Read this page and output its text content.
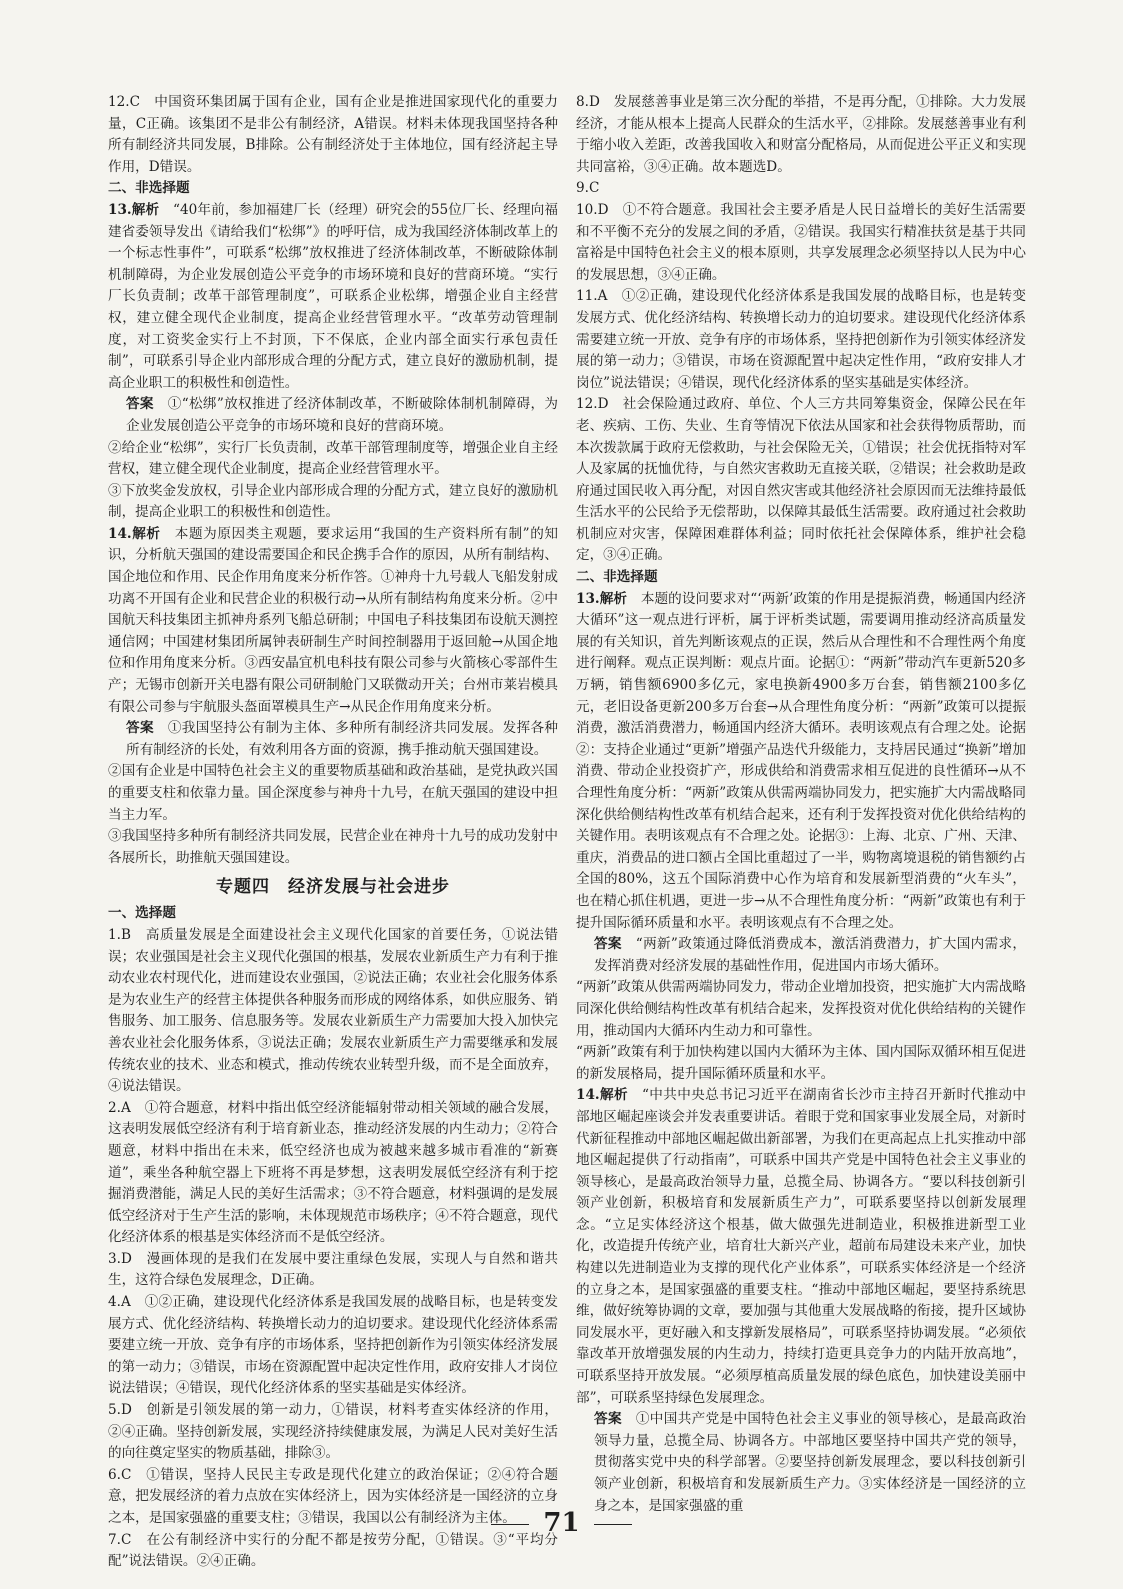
12.C　中国资环集团属于国有企业，国有企业是推进国家现代化的重要力量，C正确。该集团不是非公有制经济，A错误。材料未体现我国坚持各种所有制经济共同发展，B排除。公有制经济处于主体地位，国有经济起主导作用，D错误。

二、非选择题

13.解析　 “40年前，参加福建厂长（经理）研究会的55位厂长、经理向福建省委领导发出《请给我们“松绑”》的呼吁信，成为我国经济体制改革上的一个标志性事件”，可联系“松绑”放权推进了经济体制改革，不断破除体制机制障碍，为企业发展创造公平竞争的市场环境和良好的营商环境。“实行厂长负责制；改革干部管理制度”，可联系企业松绑，增强企业自主经营权，建立健全现代企业制度，提高企业经营管理水平。“改革劳动管理制度，对工资奖金实行上不封顶，下不保底，企业内部全面实行承包责任制”，可联系引导企业内部形成合理的分配方式，建立良好的激励机制，提高企业职工的积极性和创造性。

答案　 ①“松绑”放权推进了经济体制改革，不断破除体制机制障碍，为企业发展创造公平竞争的市场环境和良好的营商环境。

②给企业“松绑”，实行厂长负责制，改革干部管理制度等，增强企业自主经营权，建立健全现代企业制度，提高企业经营管理水平。

③下放奖金发放权，引导企业内部形成合理的分配方式，建立良好的激励机制，提高企业职工的积极性和创造性。

14.解析　 本题为原因类主观题，要求运用“我国的生产资料所有制”的知识，分析航天强国的建设需要国企和民企携手合作的原因，从所有制结构、国企地位和作用、民企作用角度来分析作答。①神舟十九号载人飞船发射成功离不开国有企业和民营企业的积极行动→从所有制结构角度来分析。②中国航天科技集团主抓神舟系列飞船总研制；中国电子科技集团布设航天测控通信网；中国建材集团所属钟表研制生产时间控制器用于返回舱→从国企地位和作用角度来分析。③西安晶宜机电科技有限公司参与火箭核心零部件生产；无锡市创新开关电器有限公司研制舱门又联微动开关；台州市莱岩模具有限公司参与宇航服头盔面罩模具生产→从民企作用角度来分析。

答案　 ①我国坚持公有制为主体、多种所有制经济共同发展。发挥各种所有制经济的长处，有效利用各方面的资源，携手推动航天强国建设。

②国有企业是中国特色社会主义的重要物质基础和政治基础，是党执政兴国的重要支柱和依靠力量。国企深度参与神舟十九号，在航天强国的建设中担当主力军。

③我国坚持多种所有制经济共同发展，民营企业在神舟十九号的成功发射中各展所长，助推航天强国建设。

专题四　经济发展与社会进步

一、选择题

1.B　高质量发展是全面建设社会主义现代化国家的首要任务，①说法错误；农业强国是社会主义现代化强国的根基，发展农业新质生产力有利于推动农业农村现代化，进而建设农业强国，②说法正确；农业社会化服务体系是为农业生产的经营主体提供各种服务而形成的网络体系，如供应服务、销售服务、加工服务、信息服务等。发展农业新质生产力需要加大投入加快完善农业社会化服务体系，③说法正确；发展农业新质生产力需要继承和发展传统农业的技术、业态和模式，推动传统农业转型升级，而不是全面放弃，④说法错误。

2.A　①符合题意，材料中指出低空经济能辐射带动相关领域的融合发展，这表明发展低空经济有利于培育新业态，推动经济发展的内生动力；②符合题意，材料中指出在未来，低空经济也成为被越来越多城市看准的“新赛道”，乘坐各种航空器上下班将不再是梦想，这表明发展低空经济有利于挖掘消费潜能，满足人民的美好生活需求；③不符合题意，材料强调的是发展低空经济对于生产生活的影响，未体现规范市场秩序；④不符合题意，现代化经济体系的根基是实体经济而不是低空经济。

3.D　漫画体现的是我们在发展中要注重绿色发展，实现人与自然和谐共生，这符合绿色发展理念，D正确。

4.A　①②正确，建设现代化经济体系是我国发展的战略目标，也是转变发展方式、优化经济结构、转换增长动力的迫切要求。建设现代化经济体系需要建立统一开放、竞争有序的市场体系，坚持把创新作为引领实体经济发展的第一动力；③错误，市场在资源配置中起决定性作用，政府安排人才岗位说法错误；④错误，现代化经济体系的坚实基础是实体经济。

5.D　创新是引领发展的第一动力，①错误，材料考查实体经济的作用，②④正确。坚持创新发展，实现经济持续健康发展，为满足人民对美好生活的向往奠定坚实的物质基础，排除③。

6.C　①错误，坚持人民民主专政是现代化建立的政治保证；②④符合题意，把发展经济的着力点放在实体经济上，因为实体经济是一国经济的立身之本，是国家强盛的重要支柱；③错误，我国以公有制经济为主体。

7.C　在公有制经济中实行的分配不都是按劳分配，①错误。③“平均分配”说法错误。②④正确。

8.D　发展慈善事业是第三次分配的举措，不是再分配，①排除。大力发展经济，才能从根本上提高人民群众的生活水平，②排除。发展慈善事业有利于缩小收入差距，改善我国收入和财富分配格局，从而促进公平正义和实现共同富裕，③④正确。故本题选D。

9.C

10.D　①不符合题意。我国社会主要矛盾是人民日益增长的美好生活需要和不平衡不充分的发展之间的矛盾，②错误。我国实行精准扶贫是基于共同富裕是中国特色社会主义的根本原则，共享发展理念必须坚持以人民为中心的发展思想，③④正确。

11.A　①②正确，建设现代化经济体系是我国发展的战略目标，也是转变发展方式、优化经济结构、转换增长动力的迫切要求。建设现代化经济体系需要建立统一开放、竞争有序的市场体系，坚持把创新作为引领实体经济发展的第一动力；③错误，市场在资源配置中起决定性作用，“政府安排人才岗位”说法错误；④错误，现代化经济体系的坚实基础是实体经济。

12.D　社会保险通过政府、单位、个人三方共同筹集资金，保障公民在年老、疾病、工伤、失业、生育等情况下依法从国家和社会获得物质帮助，而本次拨款属于政府无偿救助，与社会保险无关，①错误；社会优抚指特对军人及家属的抚恤优待，与自然灾害救助无直接关联，②错误；社会救助是政府通过国民收入再分配，对因自然灾害或其他经济社会原因而无法维持最低生活水平的公民给予无偿帮助，以保障其最低生活需要。政府通过社会救助机制应对灾害，保障困难群体利益；同时依托社会保障体系，维护社会稳定，③④正确。

二、非选择题

13.解析　 本题的设问要求对“‘两新’政策的作用是提振消费，畅通国内经济大循环”这一观点进行评析，属于评析类试题，需要调用推动经济高质量发展的有关知识，首先判断该观点的正误，然后从合理性和不合理性两个角度进行阐释。观点正误判断：观点片面。论据①：“两新”带动汽车更新520多万辆，销售额6900多亿元，家电换新4900多万台套，销售额2100多亿元，老旧设备更新200多万台套→从合理性角度分析：“两新”政策可以提振消费，激活消费潜力，畅通国内经济大循环。表明该观点有合理之处。论据②：支持企业通过“更新”增强产品迭代升级能力，支持居民通过“换新”增加消费、带动企业投资扩产，形成供给和消费需求相互促进的良性循环→从不合理性角度分析：“两新”政策从供需两端协同发力，把实施扩大内需战略同深化供给侧结构性改革有机结合起来，还有利于发挥投资对优化供给结构的关键作用。表明该观点有不合理之处。论据③：上海、北京、广州、天津、重庆，消费品的进口额占全国比重超过了一半，购物离境退税的销售额约占全国的80%，这五个国际消费中心作为培育和发展新型消费的“火车头”，也在精心抓住机遇，更进一步→从不合理性角度分析：“两新”政策也有利于提升国际循环质量和水平。表明该观点有不合理之处。

答案　 “两新”政策通过降低消费成本，激活消费潜力，扩大国内需求，发挥消费对经济发展的基础性作用，促进国内市场大循环。

“两新”政策从供需两端协同发力，带动企业增加投资，把实施扩大内需战略同深化供给侧结构性改革有机结合起来，发挥投资对优化供给结构的关键作用，推动国内大循环内生动力和可靠性。

“两新”政策有利于加快构建以国内大循环为主体、国内国际双循环相互促进的新发展格局，提升国际循环质量和水平。

14.解析　 “中共中央总书记习近平在湖南省长沙市主持召开新时代推动中部地区崛起座谈会并发表重要讲话。着眼于党和国家事业发展全局，对新时代新征程推动中部地区崛起做出新部署，为我们在更高起点上扎实推动中部地区崛起提供了行动指南”，可联系中国共产党是中国特色社会主义事业的领导核心，是最高政治领导力量，总揽全局、协调各方。“要以科技创新引领产业创新，积极培育和发展新质生产力”，可联系要坚持以创新发展理念。“立足实体经济这个根基，做大做强先进制造业，积极推进新型工业化，改造提升传统产业，培育壮大新兴产业，超前布局建设未来产业，加快构建以先进制造业为支撑的现代化产业体系”，可联系实体经济是一个经济的立身之本，是国家强盛的重要支柱。“推动中部地区崛起，要坚持系统思维，做好统筹协调的文章，要加强与其他重大发展战略的衔接，提升区域协同发展水平，更好融入和支撑新发展格局”，可联系坚持协调发展。“必须依靠改革开放增强发展的内生动力，持续打造更具竞争力的内陆开放高地”，可联系坚持开放发展。“必须厚植高质量发展的绿色底色，加快建设美丽中部”，可联系坚持绿色发展理念。

答案　 ①中国共产党是中国特色社会主义事业的领导核心，是最高政治领导力量，总揽全局、协调各方。中部地区要坚持中国共产党的领导，贯彻落实党中央的科学部署。②要坚持创新发展理念，要以科技创新引领产业创新，积极培育和发展新质生产力。③实体经济是一国经济的立身之本，是国家强盛的重

71
